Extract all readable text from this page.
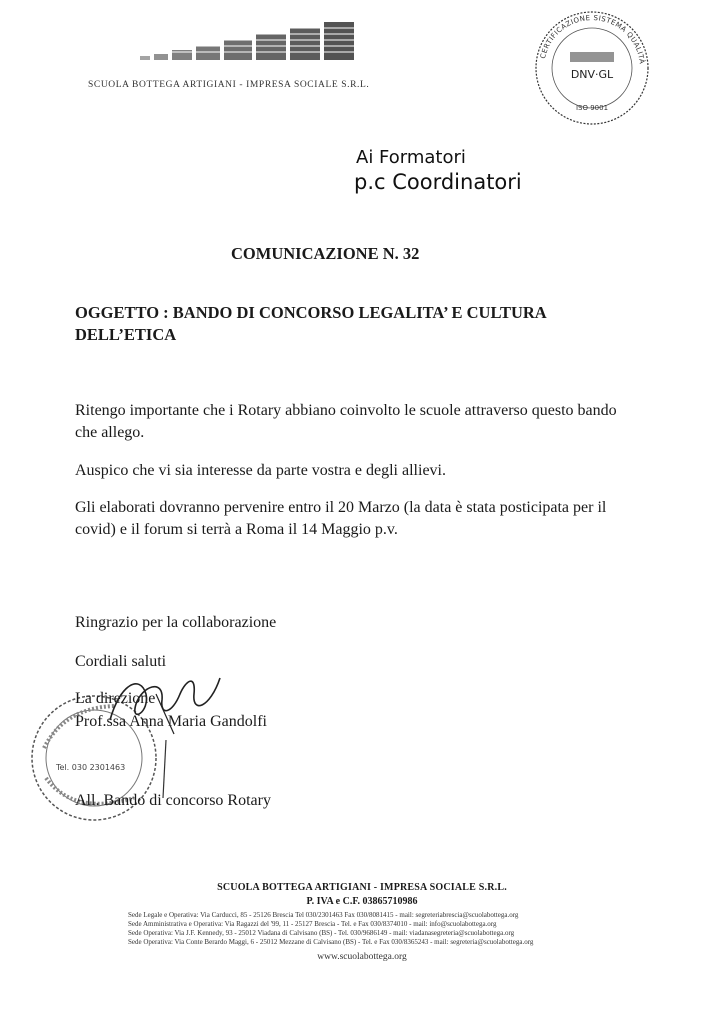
SCUOLA BOTTEGA ARTIGIANI - IMPRESA SOCIALE S.R.L.
CERTIFICAZIONE SISTEMA QUALITÀ
DNV·GL
ISO 9001
Ai Formatori
p.c Coordinatori
COMUNICAZIONE N. 32
OGGETTO : BANDO DI CONCORSO LEGALITA’ E CULTURA
DELL’ETICA
Ritengo importante che i Rotary abbiano coinvolto le scuole attraverso questo bando
che allego.
Auspico che vi sia interesse da parte vostra e degli allievi.
Gli elaborati dovranno pervenire entro il 20 Marzo (la data è stata posticipata per il
covid) e il forum si terrà a Roma il 14 Maggio p.v.
Ringrazio per la collaborazione
Cordiali saluti
Tel. 030 2301463
La direzione
Prof.ssa Anna Maria Gandolfi
All. Bando di concorso Rotary
SCUOLA BOTTEGA ARTIGIANI - IMPRESA SOCIALE S.R.L.
P. IVA e C.F. 03865710986
Sede Legale e Operativa: Via Carducci, 85 - 25126 Brescia Tel 030/2301463 Fax 030/8081415 - mail: segreteriabrescia@scuolabottega.org
Sede Amministrativa e Operativa: Via Ragazzi del '99, 11 - 25127 Brescia - Tel. e Fax 030/8374010 - mail: info@scuolabottega.org
Sede Operativa: Via J.F. Kennedy, 93 - 25012 Viadana di Calvisano (BS) - Tel. 030/9686149 - mail: viadanasegreteria@scuolabottega.org
Sede Operativa: Via Conte Berardo Maggi, 6 - 25012 Mezzane di Calvisano (BS) - Tel. e Fax 030/8365243 - mail: segreteria@scuolabottega.org
www.scuolabottega.org
